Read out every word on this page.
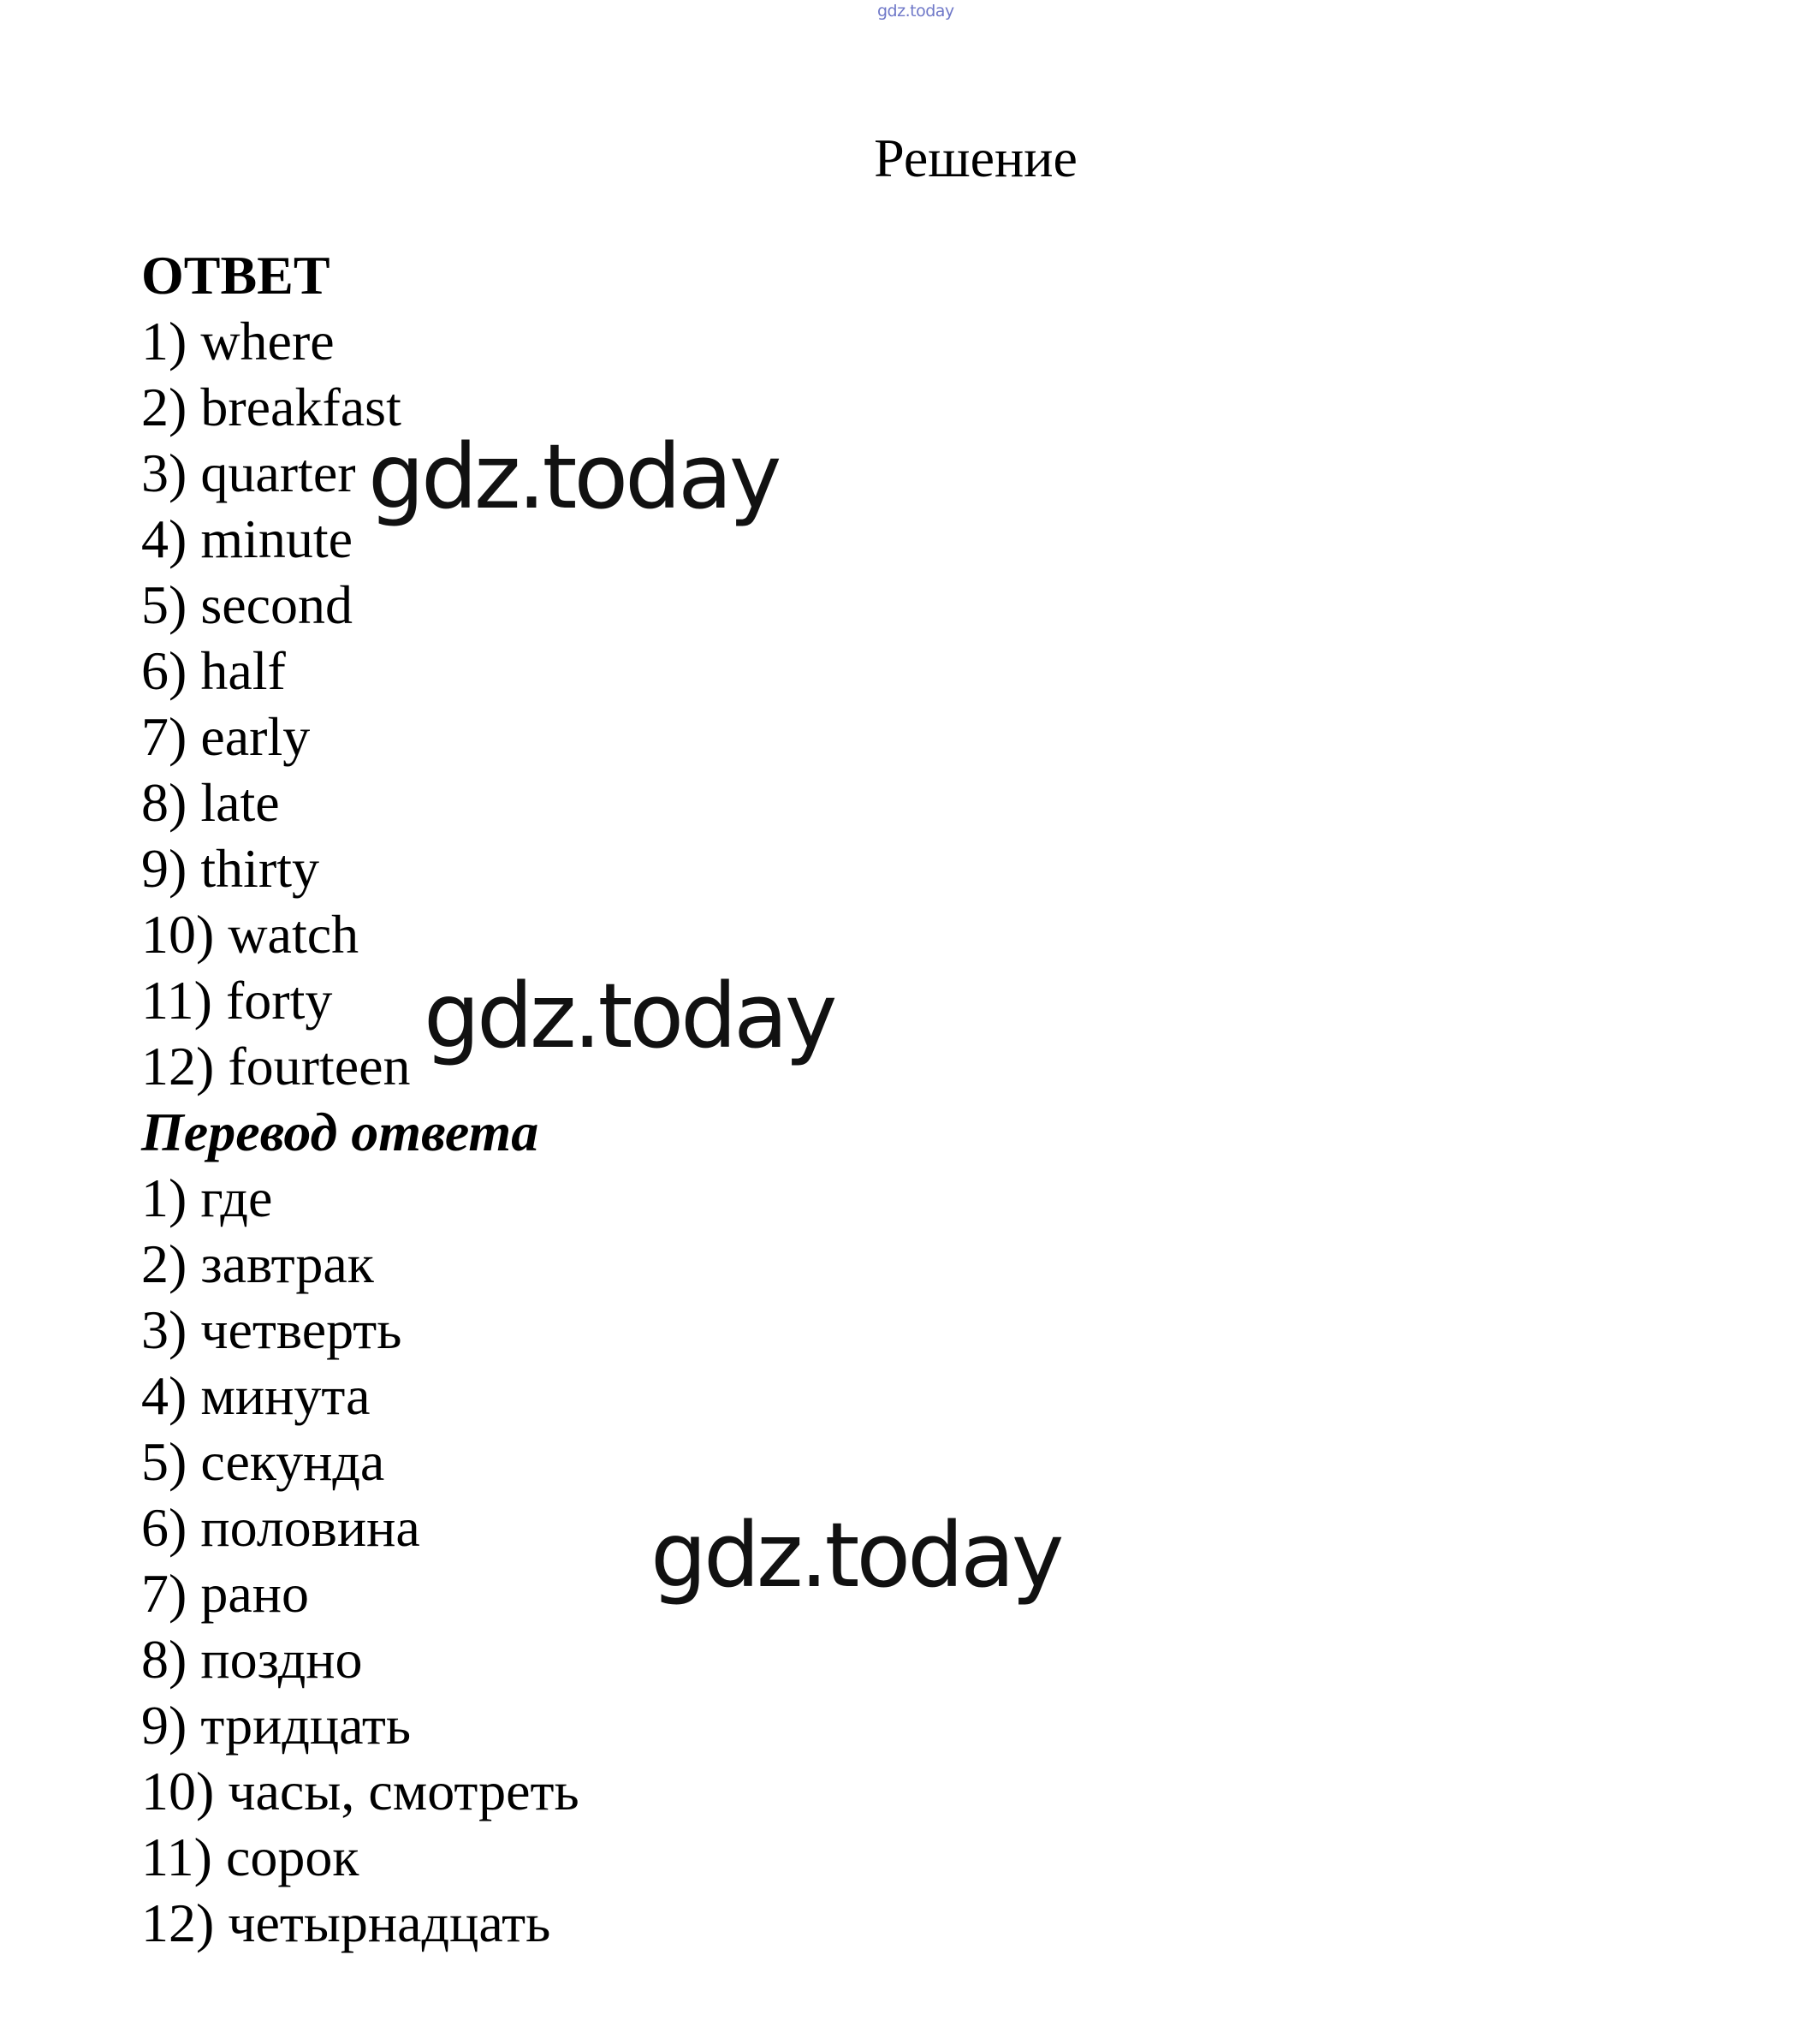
gdz.today
Решение
ОТВЕТ
1) where
2) breakfast
3) quarter
4) minute
5) second
6) half
7) early
8) late
9) thirty
10) watch
11) forty
12) fourteen
Перевод ответа
1) где
2) завтрак
3) четверть
4) минута
5) секунда
6) половина
7) рано
8) поздно
9) тридцать
10) часы, смотреть
11) сорок
12) четырнадцать
gdz.today
gdz.today
gdz.today
